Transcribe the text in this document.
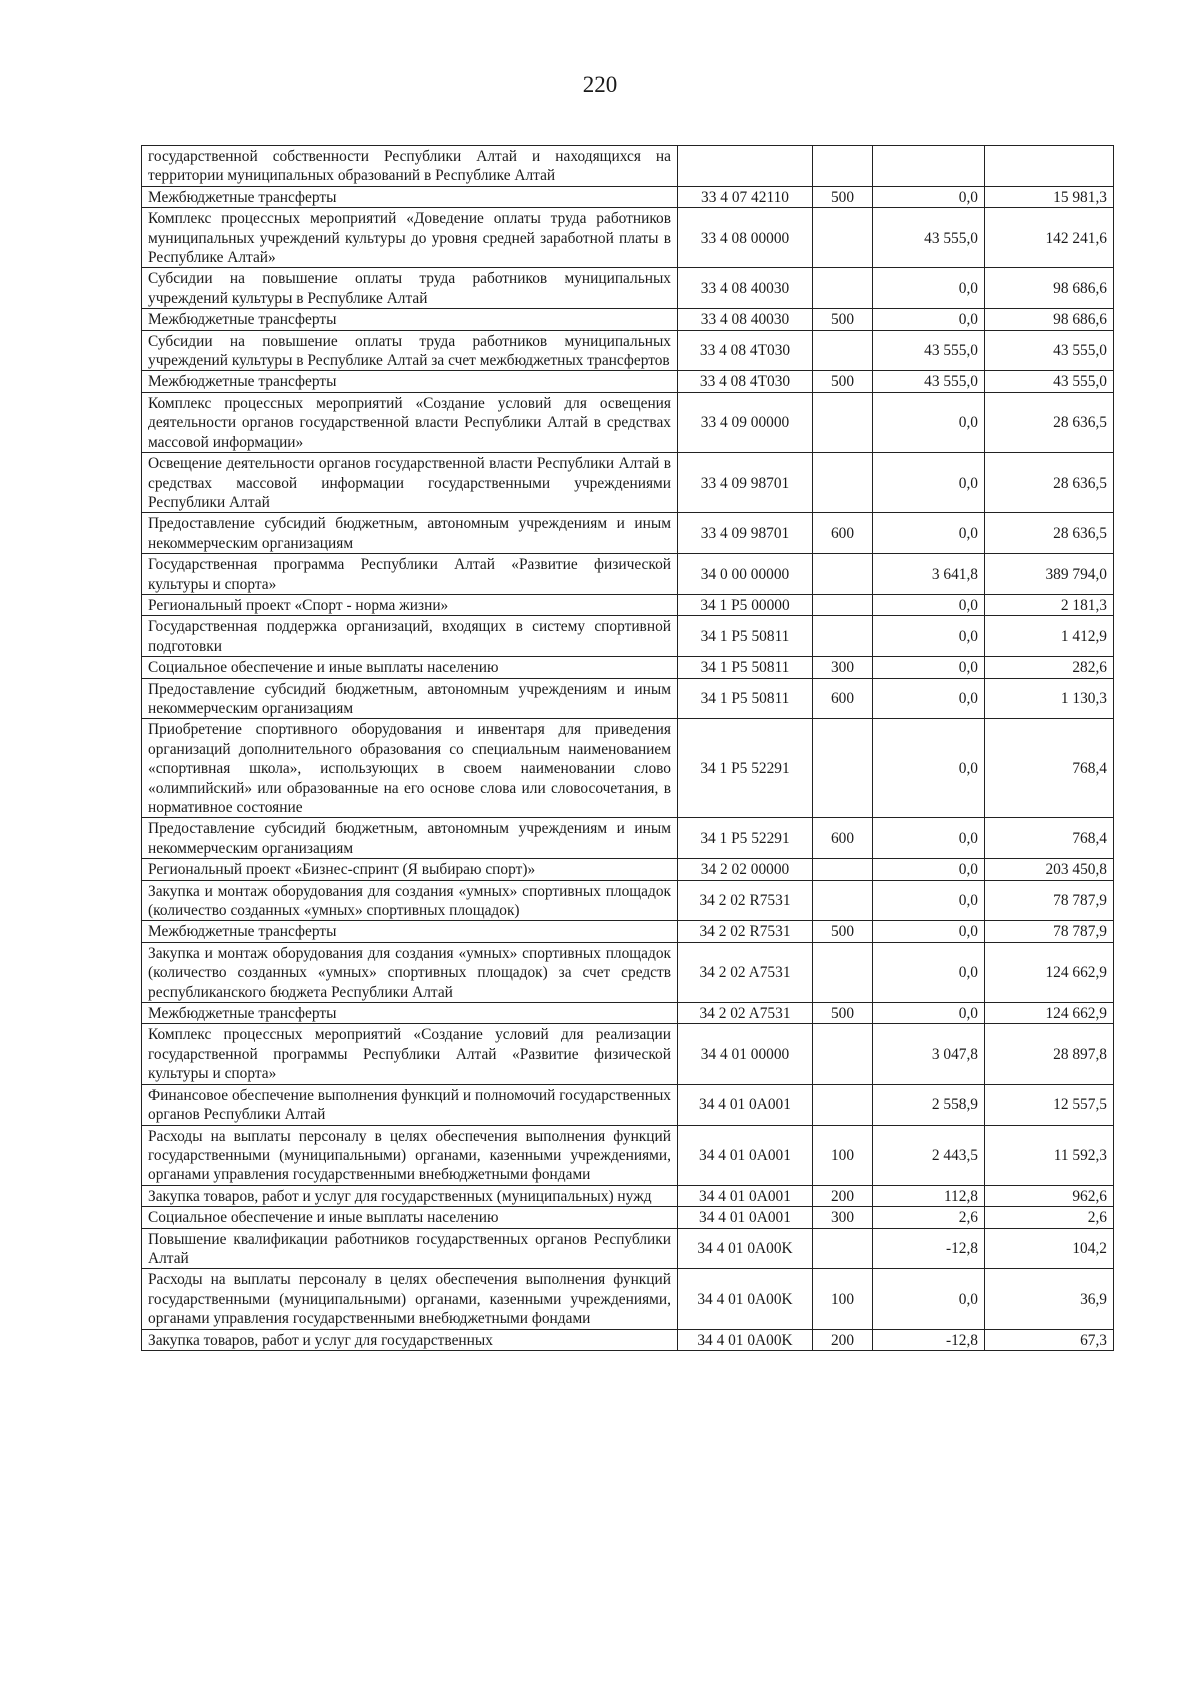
220
государственной собственности Республики Алтай и находящихся на территории муниципальных образований в Республике Алтай				
Межбюджетные трансферты	33 4 07 42110	500	0,0	15 981,3
Комплекс процессных мероприятий «Доведение оплаты труда работников муниципальных учреждений культуры до уровня средней заработной платы в Республике Алтай»	33 4 08 00000		43 555,0	142 241,6
Субсидии на повышение оплаты труда работников муниципальных учреждений культуры в Республике Алтай	33 4 08 40030		0,0	98 686,6
Межбюджетные трансферты	33 4 08 40030	500	0,0	98 686,6
Субсидии на повышение оплаты труда работников муниципальных учреждений культуры в Республике Алтай за счет межбюджетных трансфертов	33 4 08 4Т030		43 555,0	43 555,0
Межбюджетные трансферты	33 4 08 4Т030	500	43 555,0	43 555,0
Комплекс процессных мероприятий «Создание условий для освещения деятельности органов государственной власти Республики Алтай в средствах массовой информации»	33 4 09 00000		0,0	28 636,5
Освещение деятельности органов государственной власти Республики Алтай в средствах массовой информации государственными учреждениями Республики Алтай	33 4 09 98701		0,0	28 636,5
Предоставление субсидий бюджетным, автономным учреждениям и иным некоммерческим организациям	33 4 09 98701	600	0,0	28 636,5
Государственная программа Республики Алтай «Развитие физической культуры и спорта»	34 0 00 00000		3 641,8	389 794,0
Региональный проект «Спорт - норма жизни»	34 1 P5 00000		0,0	2 181,3
Государственная поддержка организаций, входящих в систему спортивной подготовки	34 1 P5 50811		0,0	1 412,9
Социальное обеспечение и иные выплаты населению	34 1 P5 50811	300	0,0	282,6
Предоставление субсидий бюджетным, автономным учреждениям и иным некоммерческим организациям	34 1 P5 50811	600	0,0	1 130,3
Приобретение спортивного оборудования и инвентаря для приведения организаций дополнительного образования со специальным наименованием «спортивная школа», использующих в своем наименовании слово «олимпийский» или образованные на его основе слова или словосочетания, в нормативное состояние	34 1 P5 52291		0,0	768,4
Предоставление субсидий бюджетным, автономным учреждениям и иным некоммерческим организациям	34 1 P5 52291	600	0,0	768,4
Региональный проект «Бизнес-спринт (Я выбираю спорт)»	34 2 02 00000		0,0	203 450,8
Закупка и монтаж оборудования для создания «умных» спортивных площадок (количество созданных «умных» спортивных площадок)	34 2 02 R7531		0,0	78 787,9
Межбюджетные трансферты	34 2 02 R7531	500	0,0	78 787,9
Закупка и монтаж оборудования для создания «умных» спортивных площадок (количество созданных «умных» спортивных площадок) за счет средств республиканского бюджета Республики Алтай	34 2 02 A7531		0,0	124 662,9
Межбюджетные трансферты	34 2 02 A7531	500	0,0	124 662,9
Комплекс процессных мероприятий «Создание условий для реализации государственной программы Республики Алтай «Развитие физической культуры и спорта»	34 4 01 00000		3 047,8	28 897,8
Финансовое обеспечение выполнения функций и полномочий государственных органов Республики Алтай	34 4 01 0A001		2 558,9	12 557,5
Расходы на выплаты персоналу в целях обеспечения выполнения функций государственными (муниципальными) органами, казенными учреждениями, органами управления государственными внебюджетными фондами	34 4 01 0A001	100	2 443,5	11 592,3
Закупка товаров, работ и услуг для государственных (муниципальных) нужд	34 4 01 0A001	200	112,8	962,6
Социальное обеспечение и иные выплаты населению	34 4 01 0A001	300	2,6	2,6
Повышение квалификации работников государственных органов Республики Алтай	34 4 01 0A00K		-12,8	104,2
Расходы на выплаты персоналу в целях обеспечения выполнения функций государственными (муниципальными) органами, казенными учреждениями, органами управления государственными внебюджетными фондами	34 4 01 0A00K	100	0,0	36,9
Закупка товаров, работ и услуг для государственных	34 4 01 0A00K	200	-12,8	67,3
